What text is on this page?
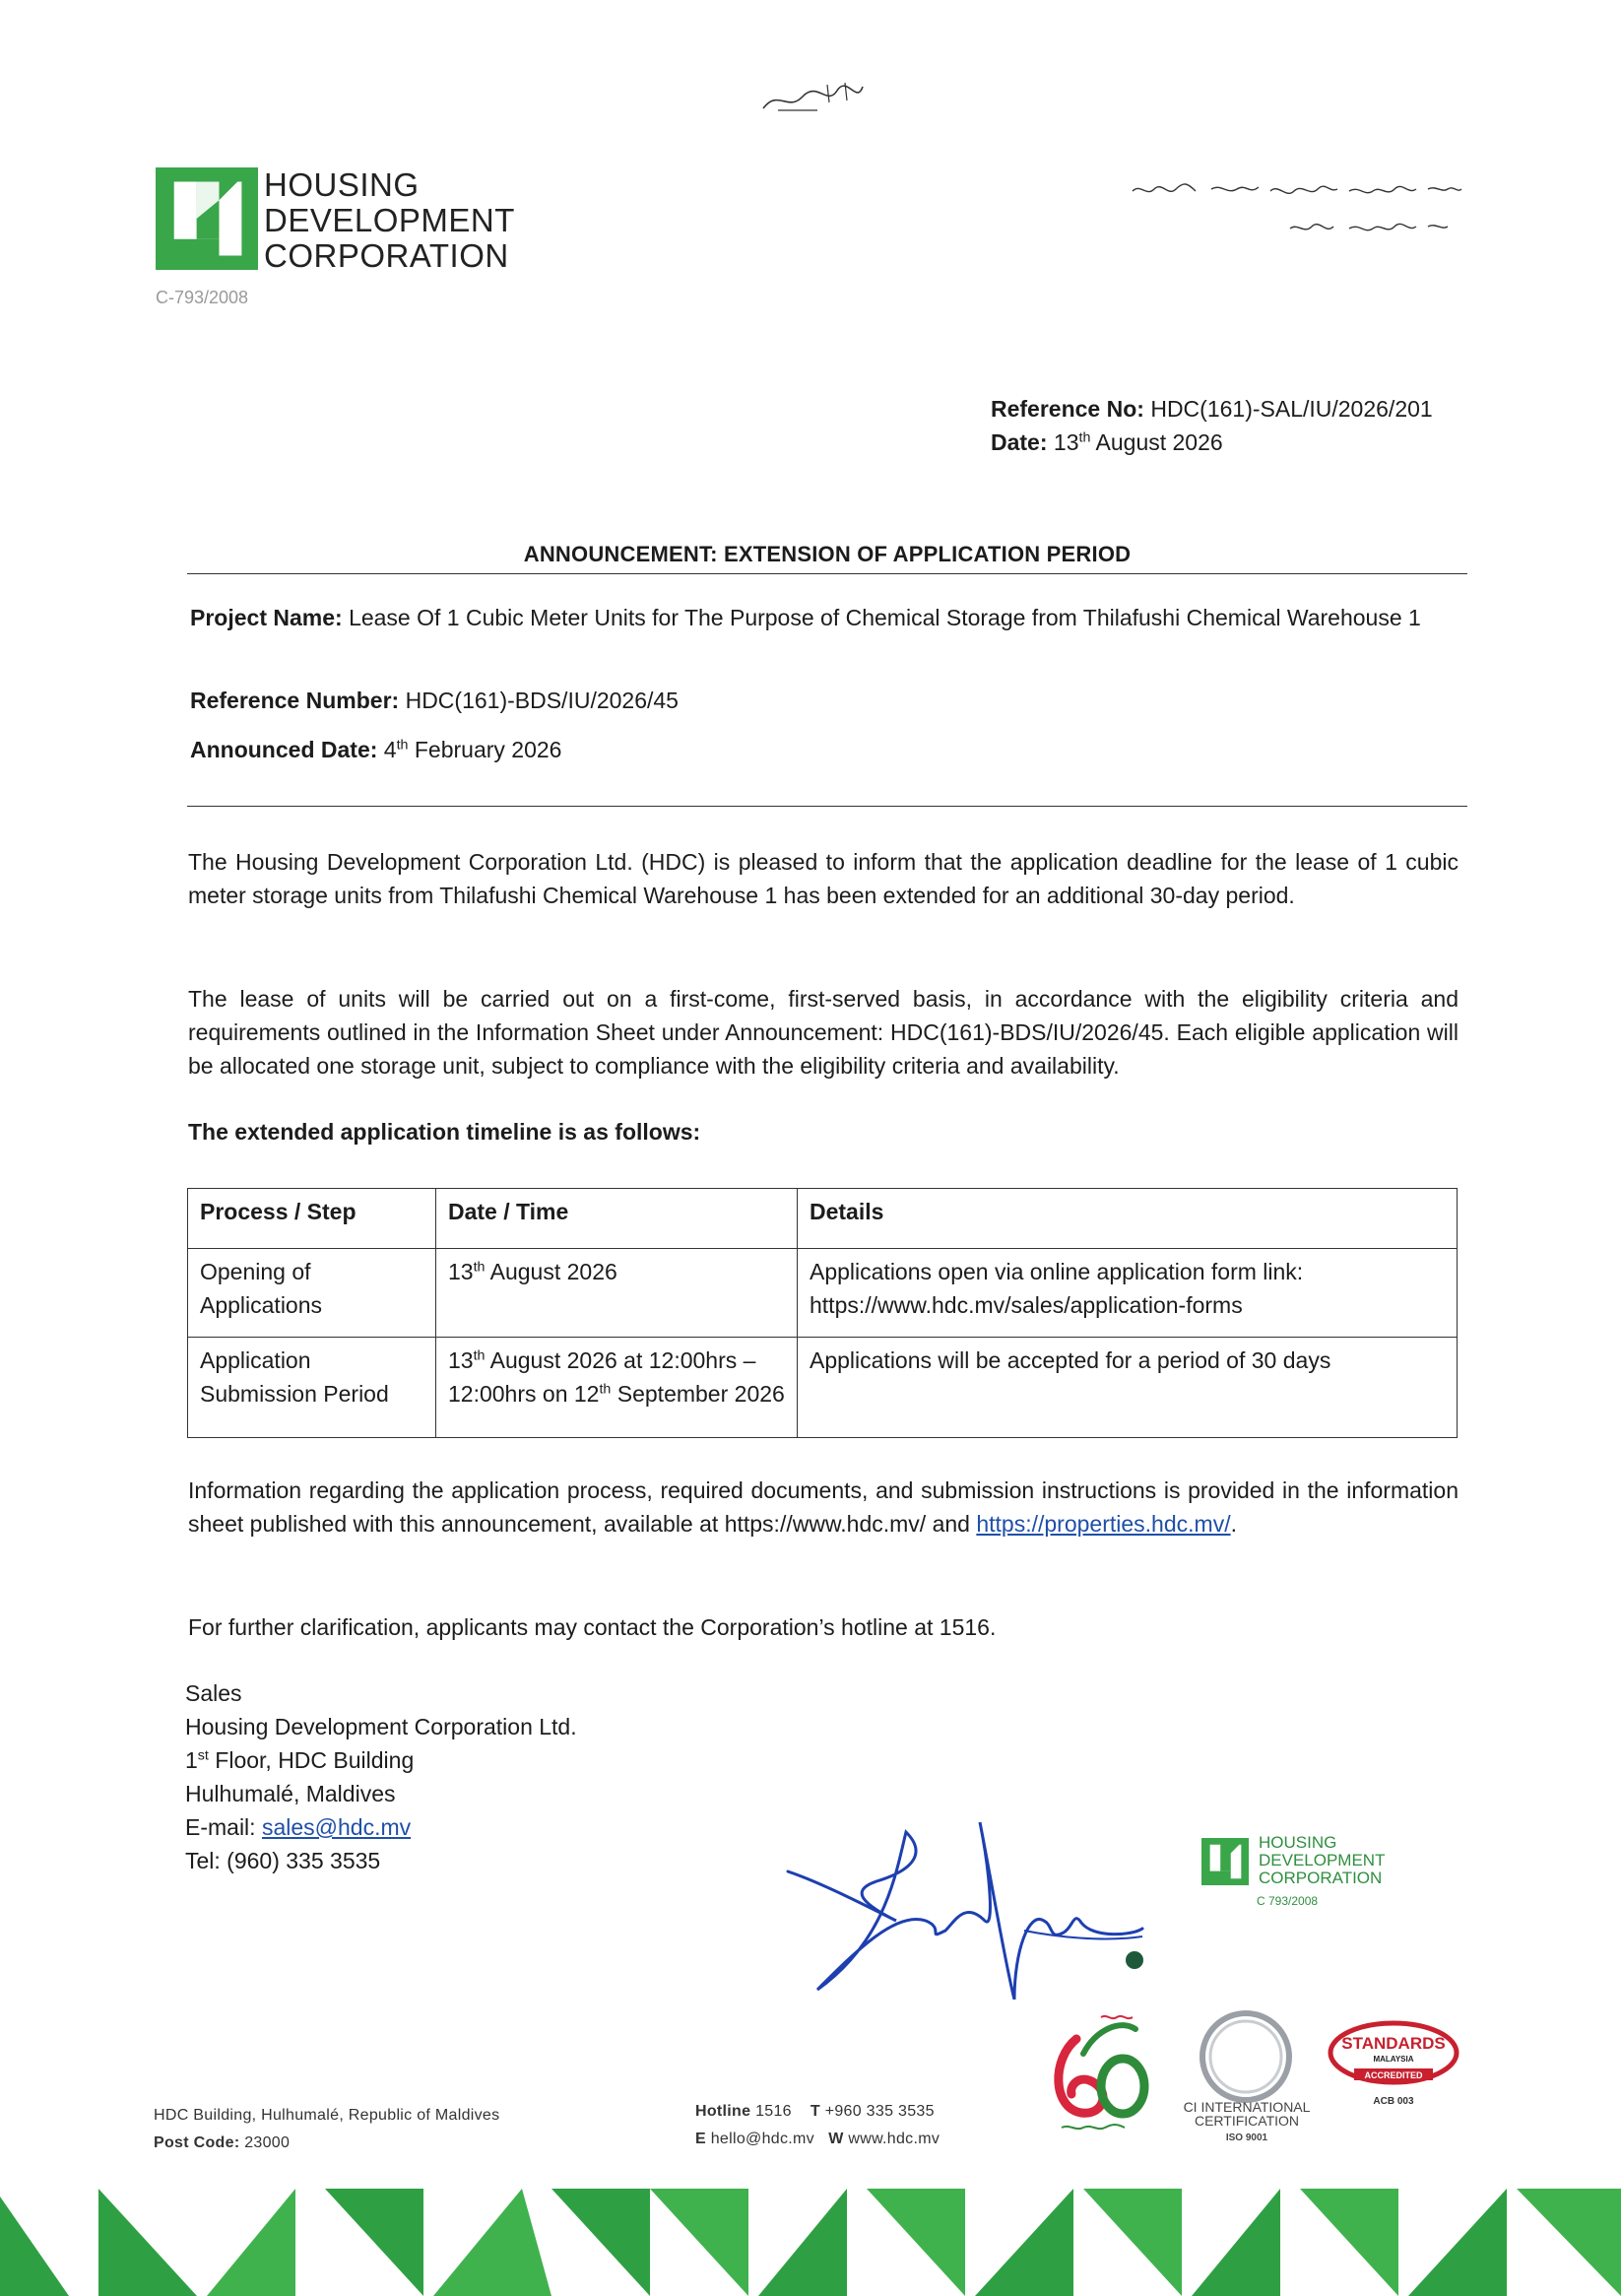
HOUSING
DEVELOPMENT
CORPORATION
C-793/2008
Reference No: HDC(161)-SAL/IU/2026/201
Date: 13th August 2026
ANNOUNCEMENT: EXTENSION OF APPLICATION PERIOD
Project Name: Lease Of 1 Cubic Meter Units for The Purpose of Chemical Storage from Thilafushi Chemical Warehouse 1
Reference Number: HDC(161)-BDS/IU/2026/45
Announced Date: 4th February 2026
The Housing Development Corporation Ltd. (HDC) is pleased to inform that the application deadline for the lease of 1 cubic meter storage units from Thilafushi Chemical Warehouse 1 has been extended for an additional 30-day period.
The lease of units will be carried out on a first-come, first-served basis, in accordance with the eligibility criteria and requirements outlined in the Information Sheet under Announcement: HDC(161)-BDS/IU/2026/45. Each eligible application will be allocated one storage unit, subject to compliance with the eligibility criteria and availability.
The extended application timeline is as follows:
Process / Step	Date / Time	Details
Opening of Applications	13th August 2026	Applications open via online application form link: https://www.hdc.mv/sales/application-forms
Application Submission Period	13th August 2026 at 12:00hrs – 12:00hrs on 12th September 2026	Applications will be accepted for a period of 30 days
Information regarding the application process, required documents, and submission instructions is provided in the information sheet published with this announcement, available at https://www.hdc.mv/ and https://properties.hdc.mv/.
For further clarification, applicants may contact the Corporation’s hotline at 1516.
Sales
Housing Development Corporation Ltd.
1st Floor, HDC Building
Hulhumalé, Maldives
E-mail: sales@hdc.mv
Tel: (960) 335 3535
HOUSING
DEVELOPMENT
CORPORATION
C 793/2008
HDC Building, Hulhumalé, Republic of Maldives
Post Code: 23000
Hotline 1516 T +960 335 3535
E hello@hdc.mv W www.hdc.mv
CI INTERNATIONAL
CERTIFICATION
ISO 9001
STANDARDS
MALAYSIA
ACCREDITED
ACB 003
